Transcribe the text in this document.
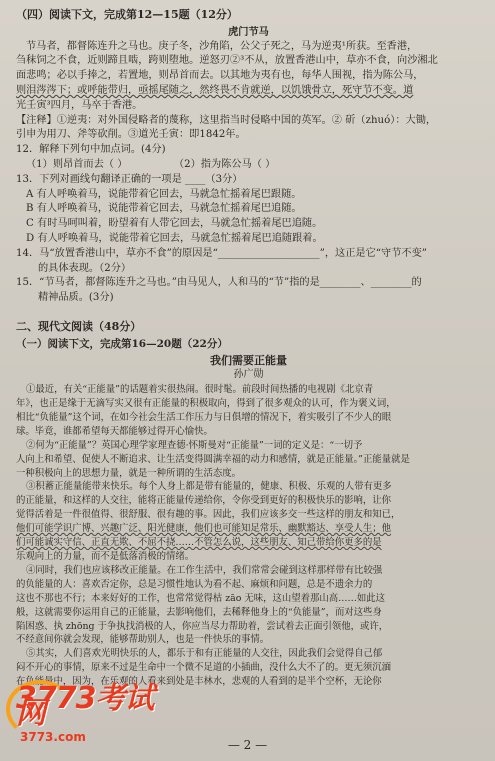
（四）阅读下文，完成第12—15题（12分）
虎门节马
节马者，都督陈连升之马也。庚子冬，沙角陷，公父子死之，马为逆夷¹所获。至香港，
刍秣饲之不食，近则蹄且啮，跨则堕地。逆怒刃②³不从，放置香港山中，草亦不食，向沙湘北
面悲鸣；必以手捧之，若置地，则昂首而去。以其地为夷有也，每华人围视，指为陈公马，
则泪涔涔下；或呼能带归，亟摇尾随之，然终畏不肯就逆，以饥饿骨立，死守节不变。道
光壬寅³四月，马卒于香港。
【注释】①逆夷：对外国侵略者的蔑称，这里指当时侵略中国的英军。② 斫（zhuó）：大锄，
引申为用刀、斧等砍削。③道光壬寅：即1842年。
12．解释下列句中加点词。(4分)
（1）则昂首而去（ ）	（2）指为陈公马（ ）
13．下列对画线句翻译正确的一项是 ____（3分）
A 有人呼唤着马，说能带着它回去，马就急忙摇着尾巴跟随。
B 有人呼唤着马，说能带着它回去，马就急忙摇着尾巴追随。
C 有时马呵叫着，盼望着有人带它回去，马就急忙摇着尾巴追随。
D 有人呼唤着马，说能带着它回去，马就急忙摇着尾巴追随跟着。
14．马“放置香港山中，草亦不食”的原因是“____________________”，这正是它“守节不变”
的具体表现。（2分）
15．“节马者，都督陈连升之马也。”由马见人，人和马的“节”指的是________、________的
精神品质。(3分)
二、现代文阅读（48分）
（一）阅读下文，完成第16—20题（22分）
我们需要正能量
孙广勋
①最近，有关“正能量”的话题着实很热闹。很时髦。前段时间热播的电视剧《北京青
年》，也正是缘于无滴写实又很有正能量的积极取向，得到了很多观众的认可，作为褒义词，
相比“负能量”这个词，在如今社会生活工作压力与日俱增的情况下，着实吸引了不少人的眼
球。毕竟，谁都希望每天都能够过得开心愉快。
②何为“正能量”？英国心理学家理查德·怀斯曼对“正能量”一词的定义是：“一切予
人向上和希望、促使人不断追求、让生活变得圆满幸福的动力和感情，就是正能量。”正能量就是
一种积极向上的思想力量，就是一种所谓的生活态度。
③积蓄正能量能带来快乐。每个人身上都是带有能量的，健康、积极、乐观的人带有更多
的正能量，和这样的人交往，能将正能量传递给你，令你受到更好的积极快乐的影响，让你
觉得活着是一件很值得、很舒服、很有趣的事。因此，我们应该多交一些这样的朋友和知已，
他们可能学识广博、兴趣广泛、阳光健康，他们也可能知足常乐、幽默豁达、享受人生；他
们可能诚实守信、正直无欺、不屈不挠……不管怎么说，这些朋友、知己带给你更多的是
乐观向上的力量，而不是低落消极的情绪。
④同时，我们也应该移改正能量。在工作生活中，我们常常会碰到这样那样带有比较强
的负能量的人：喜欢否定你，总是习惯性地认为看不起、麻烦和问题，总是不遗余力的
这也不那也不行；本来好好的工作，也常常觉得枯 zāo 无味，这山望着那山高……如此这
般，这就需要你运用自己的正能量，去影响他们，去稀释他身上的“负能量”，而对这些身
陷困惑、执 zhōng 于争执找消极的人，你应当尽力帮助着，尝试着去正面引领他，或许，
不经意间你就会发现，能够帮助别人，也是一件快乐的事情。
⑤其实，人们喜欢光明快乐的人，都乐于和有正能量的人交往，因此我们会觉得自己郁
闷不开心的事情，原来不过是生命中一个微不足道的小插曲，没什么大不了的。更无须沉湎
在负能量中，因为，在乐观的人看来到处是丰林水，悲观的人看到的是半个空杯，无论你
3773考试网
3773.com
— 2 —
